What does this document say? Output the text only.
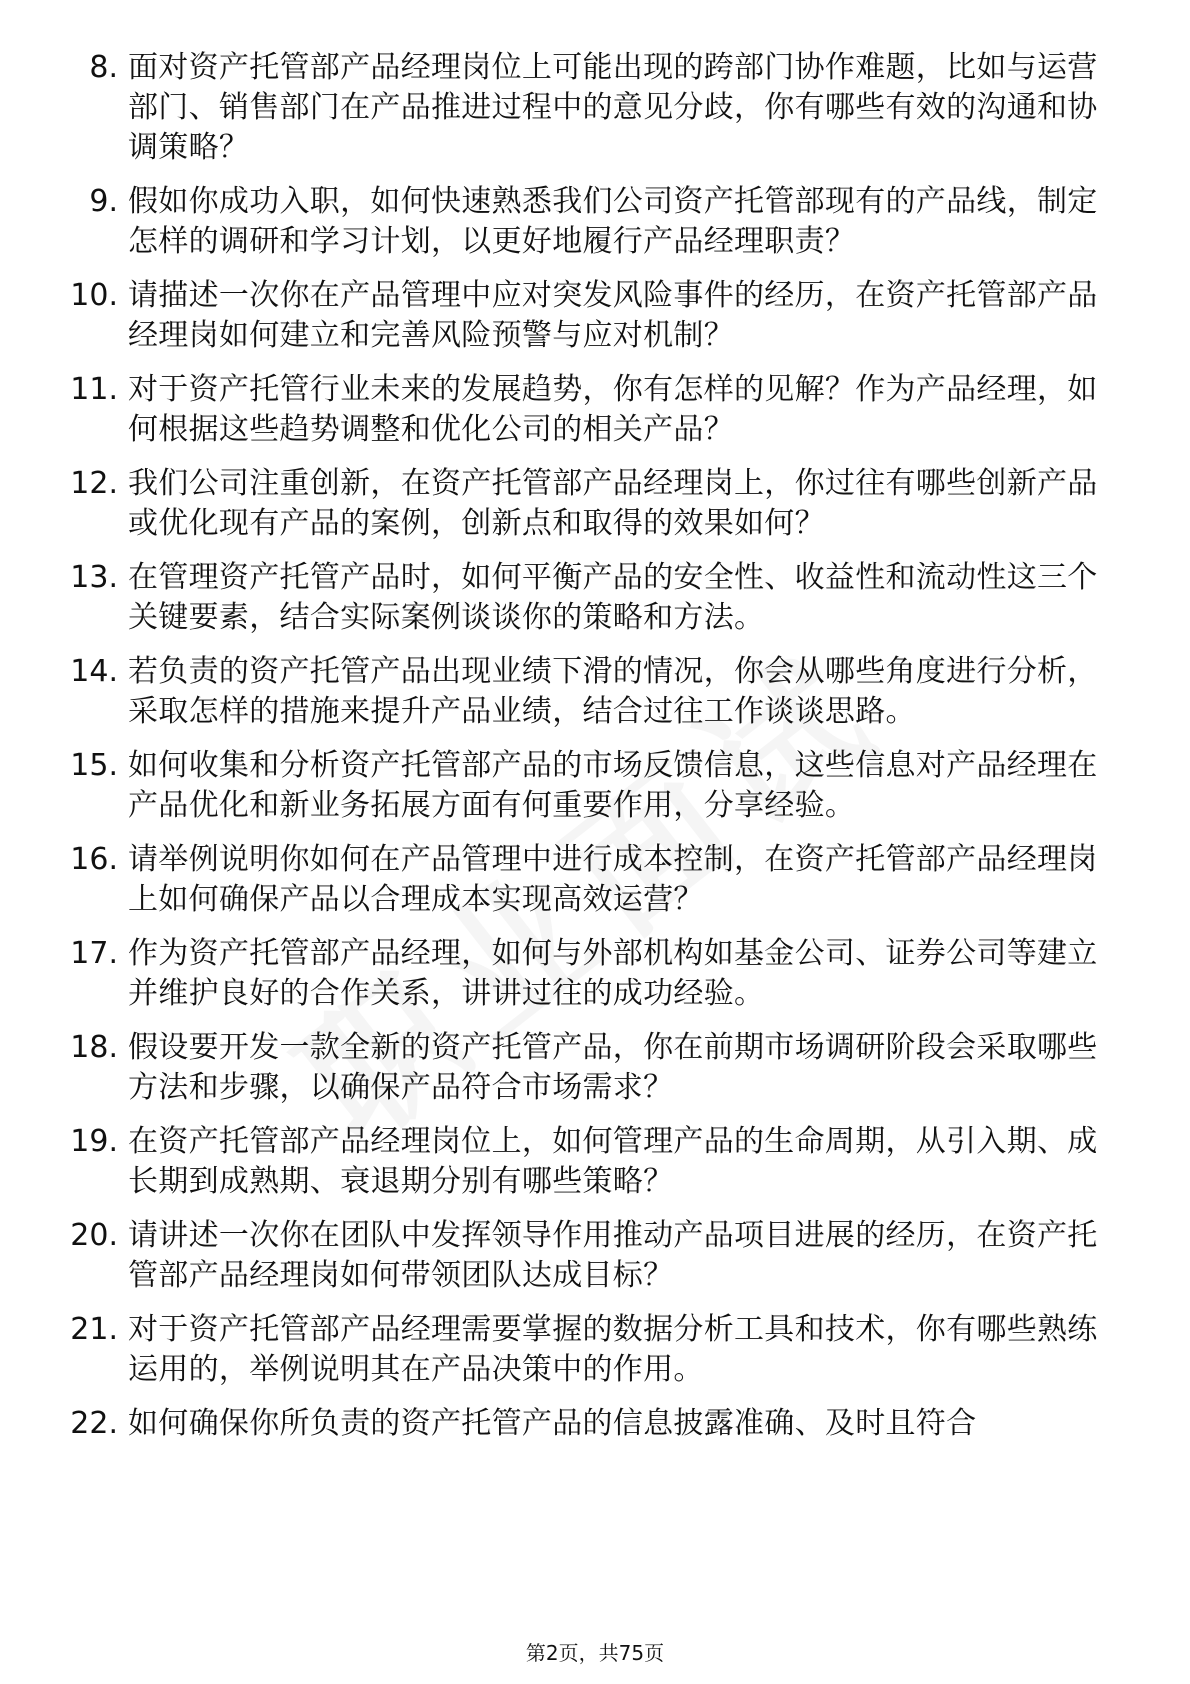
8. 面对资产托管部产品经理岗位上可能出现的跨部门协作难题，比如与运营部门、销售部门在产品推进过程中的意见分歧，你有哪些有效的沟通和协调策略？
9. 假如你成功入职，如何快速熟悉我们公司资产托管部现有的产品线，制定怎样的调研和学习计划，以更好地履行产品经理职责？
10. 请描述一次你在产品管理中应对突发风险事件的经历，在资产托管部产品经理岗如何建立和完善风险预警与应对机制？
11. 对于资产托管行业未来的发展趋势，你有怎样的见解？作为产品经理，如何根据这些趋势调整和优化公司的相关产品？
12. 我们公司注重创新，在资产托管部产品经理岗上，你过往有哪些创新产品或优化现有产品的案例，创新点和取得的效果如何？
13. 在管理资产托管产品时，如何平衡产品的安全性、收益性和流动性这三个关键要素，结合实际案例谈谈你的策略和方法。
14. 若负责的资产托管产品出现业绩下滑的情况，你会从哪些角度进行分析，采取怎样的措施来提升产品业绩，结合过往工作谈谈思路。
15. 如何收集和分析资产托管部产品的市场反馈信息，这些信息对产品经理在产品优化和新业务拓展方面有何重要作用，分享经验。
16. 请举例说明你如何在产品管理中进行成本控制，在资产托管部产品经理岗上如何确保产品以合理成本实现高效运营？
17. 作为资产托管部产品经理，如何与外部机构如基金公司、证券公司等建立并维护良好的合作关系，讲讲过往的成功经验。
18. 假设要开发一款全新的资产托管产品，你在前期市场调研阶段会采取哪些方法和步骤，以确保产品符合市场需求？
19. 在资产托管部产品经理岗位上，如何管理产品的生命周期，从引入期、成长期到成熟期、衰退期分别有哪些策略？
20. 请讲述一次你在团队中发挥领导作用推动产品项目进展的经历，在资产托管部产品经理岗如何带领团队达成目标？
21. 对于资产托管部产品经理需要掌握的数据分析工具和技术，你有哪些熟练运用的，举例说明其在产品决策中的作用。
22. 如何确保你所负责的资产托管产品的信息披露准确、及时且符合
第2页，共75页
